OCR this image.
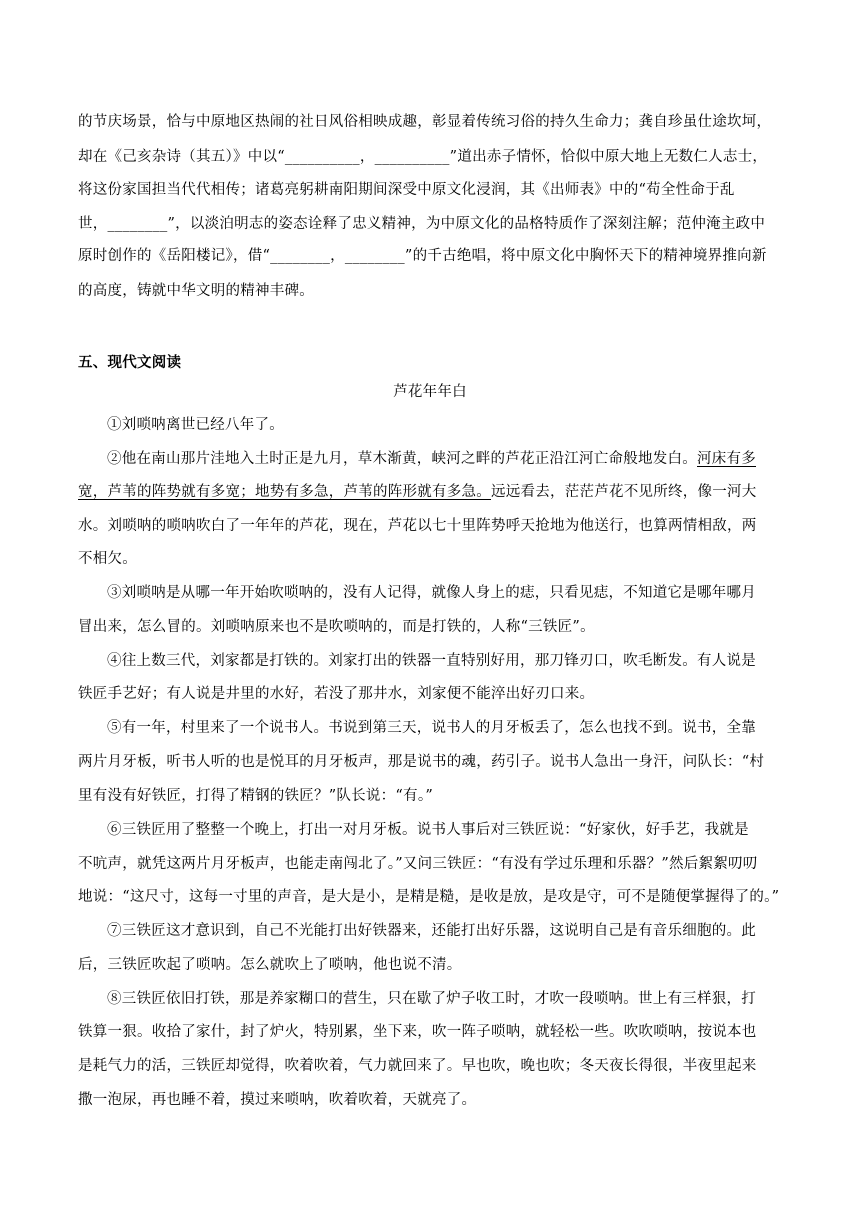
的节庆场景，恰与中原地区热闹的社日风俗相映成趣，彰显着传统习俗的持久生命力；龚自珍虽仕途坎坷，
却在《己亥杂诗（其五）》中以“__________，__________”道出赤子情怀，恰似中原大地上无数仁人志士，
将这份家国担当代代相传；诸葛亮躬耕南阳期间深受中原文化浸润，其《出师表》中的“苟全性命于乱
世，________”，以淡泊明志的姿态诠释了忠义精神，为中原文化的品格特质作了深刻注解；范仲淹主政中
原时创作的《岳阳楼记》，借“________，________”的千古绝唱，将中原文化中胸怀天下的精神境界推向新
的高度，铸就中华文明的精神丰碑。
五、现代文阅读
芦花年年白
①刘唢呐离世已经八年了。
②他在南山那片洼地入土时正是九月，草木渐黄，峡河之畔的芦花正沿江河亡命般地发白。河床有多
宽，芦苇的阵势就有多宽；地势有多急，芦苇的阵形就有多急。远远看去，茫茫芦花不见所终，像一河大
水。刘唢呐的唢呐吹白了一年年的芦花，现在，芦花以七十里阵势呼天抢地为他送行，也算两情相敌，两
不相欠。
③刘唢呐是从哪一年开始吹唢呐的，没有人记得，就像人身上的痣，只看见痣，不知道它是哪年哪月
冒出来，怎么冒的。刘唢呐原来也不是吹唢呐的，而是打铁的，人称“三铁匠”。
④往上数三代，刘家都是打铁的。刘家打出的铁器一直特别好用，那刀锋刃口，吹毛断发。有人说是
铁匠手艺好；有人说是井里的水好，若没了那井水，刘家便不能淬出好刃口来。
⑤有一年，村里来了一个说书人。书说到第三天，说书人的月牙板丢了，怎么也找不到。说书，全靠
两片月牙板，听书人听的也是悦耳的月牙板声，那是说书的魂，药引子。说书人急出一身汗，问队长：“村
里有没有好铁匠，打得了精钢的铁匠？”队长说：“有。”
⑥三铁匠用了整整一个晚上，打出一对月牙板。说书人事后对三铁匠说：“好家伙，好手艺，我就是
不吭声，就凭这两片月牙板声，也能走南闯北了。”又问三铁匠：“有没有学过乐理和乐器？”然后絮絮叨叨
地说：“这尺寸，这每一寸里的声音，是大是小，是精是糙，是收是放，是攻是守，可不是随便掌握得了的。”
⑦三铁匠这才意识到，自己不光能打出好铁器来，还能打出好乐器，这说明自己是有音乐细胞的。此
后，三铁匠吹起了唢呐。怎么就吹上了唢呐，他也说不清。
⑧三铁匠依旧打铁，那是养家糊口的营生，只在歇了炉子收工时，才吹一段唢呐。世上有三样狠，打
铁算一狠。收拾了家什，封了炉火，特别累，坐下来，吹一阵子唢呐，就轻松一些。吹吹唢呐，按说本也
是耗气力的活，三铁匠却觉得，吹着吹着，气力就回来了。早也吹，晚也吹；冬天夜长得很，半夜里起来
撒一泡尿，再也睡不着，摸过来唢呐，吹着吹着，天就亮了。
